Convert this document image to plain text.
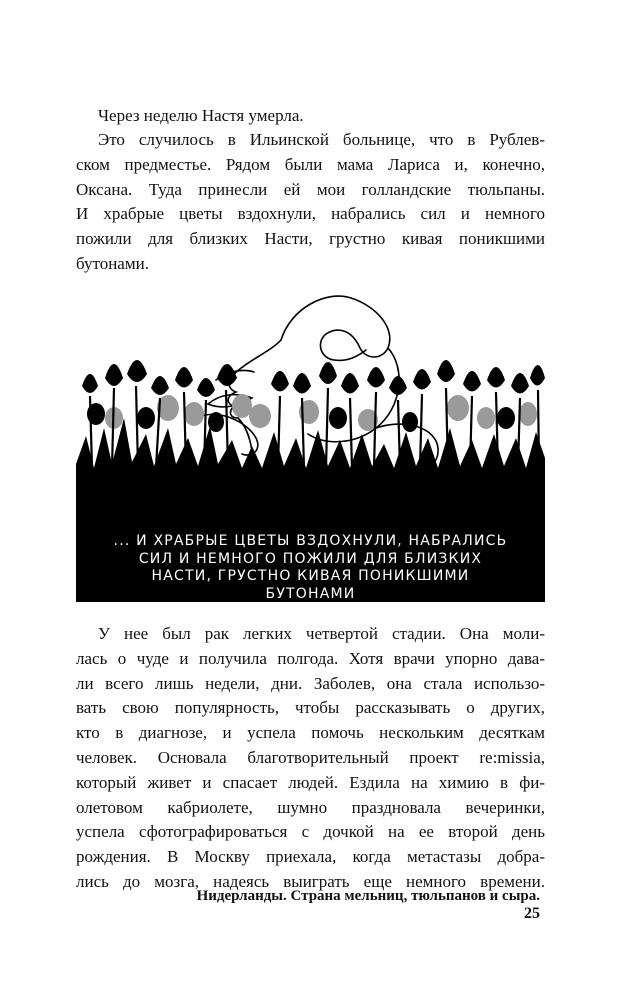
Через неделю Настя умерла.
Это случилось в Ильинской больнице, что в Рублев-
ском предместье. Рядом были мама Лариса и, конечно,
Оксана. Туда принесли ей мои голландские тюльпаны.
И храбрые цветы вздохнули, набрались сил и немного
пожили для близких Насти, грустно кивая поникшими
бутонами.
... И ХРАБРЫЕ ЦВЕТЫ ВЗДОХНУЛИ, НАБРАЛИСЬ
СИЛ И НЕМНОГО ПОЖИЛИ ДЛЯ БЛИЗКИХ
НАСТИ, ГРУСТНО КИВАЯ ПОНИКШИМИ
БУТОНАМИ
У нее был рак легких четвертой стадии. Она моли-
лась о чуде и получила полгода. Хотя врачи упорно дава-
ли всего лишь недели, дни. Заболев, она стала использо-
вать свою популярность, чтобы рассказывать о других,
кто в диагнозе, и успела помочь нескольким десяткам
человек. Основала благотворительный проект re:missia,
который живет и спасает людей. Ездила на химию в фи-
олетовом кабриолете, шумно праздновала вечеринки,
успела сфотографироваться с дочкой на ее второй день
рождения. В Москву приехала, когда метастазы добра-
лись до мозга, надеясь выиграть еще немного времени.
Нидерланды. Страна мельниц, тюльпанов и сыра.
25
